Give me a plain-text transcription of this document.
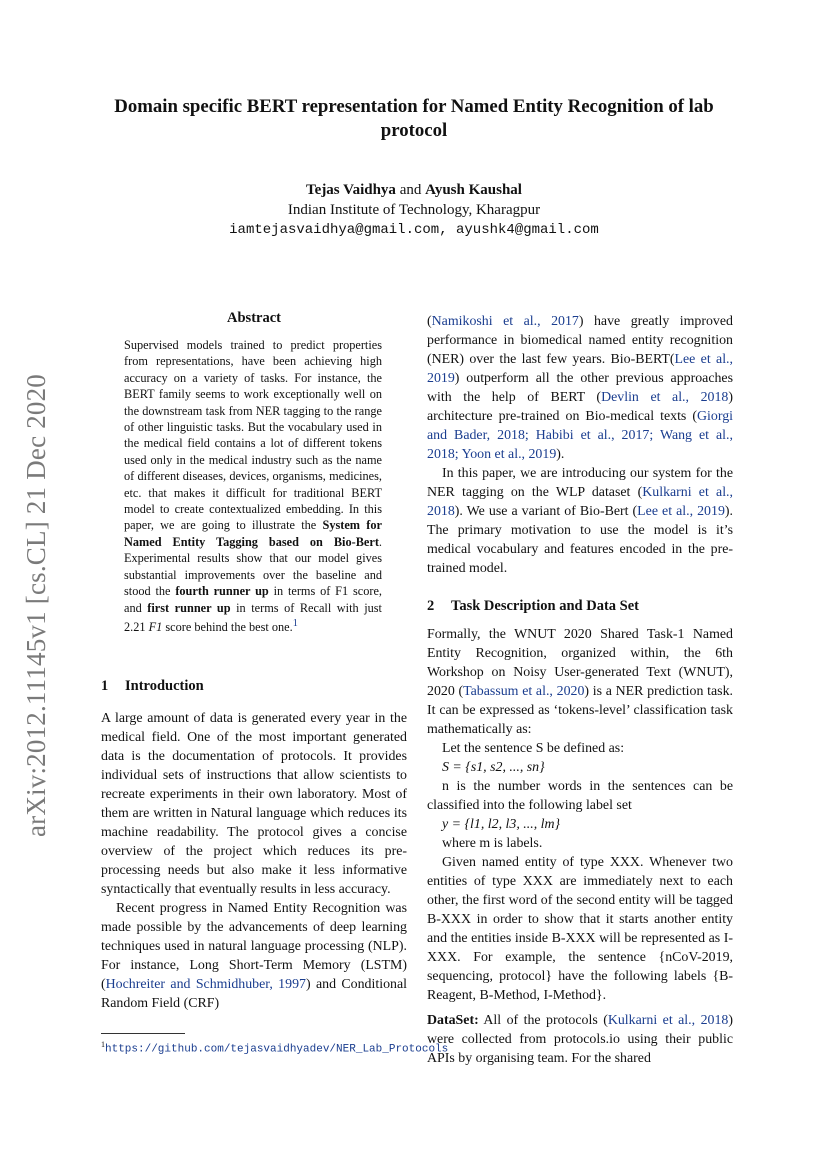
arXiv:2012.11145v1 [cs.CL] 21 Dec 2020
Domain specific BERT representation for Named Entity Recognition of lab protocol
Tejas Vaidhya and Ayush Kaushal
Indian Institute of Technology, Kharagpur
iamtejasvaidhya@gmail.com, ayushk4@gmail.com
Abstract
Supervised models trained to predict properties from representations, have been achieving high accuracy on a variety of tasks. For instance, the BERT family seems to work exceptionally well on the downstream task from NER tagging to the range of other linguistic tasks. But the vocabulary used in the medical field contains a lot of different tokens used only in the medical industry such as the name of different diseases, devices, organisms, medicines, etc. that makes it difficult for traditional BERT model to create contextualized embedding. In this paper, we are going to illustrate the System for Named Entity Tagging based on Bio-Bert. Experimental results show that our model gives substantial improvements over the baseline and stood the fourth runner up in terms of F1 score, and first runner up in terms of Recall with just 2.21 F1 score behind the best one.$^1$
1 Introduction

A large amount of data is generated every year in the medical field. One of the most important generated data is the documentation of protocols. It provides individual sets of instructions that allow scientists to recreate experiments in their own laboratory. Most of them are written in Natural language which reduces its machine readability. The protocol gives a concise overview of the project which reduces its pre-processing needs but also make it less informative syntactically that eventually results in less accuracy.

Recent progress in Named Entity Recognition was made possible by the advancements of deep learning techniques used in natural language processing (NLP). For instance, Long Short-Term Memory (LSTM) (Hochreiter and Schmidhuber, 1997) and Conditional Random Field (CRF)

$^1$https://github.com/tejasvaidhyadev/NER_Lab_Protocols

(Namikoshi et al., 2017) have greatly improved performance in biomedical named entity recognition (NER) over the last few years. Bio-BERT(Lee et al., 2019) outperform all the other previous approaches with the help of BERT (Devlin et al., 2018) architecture pre-trained on Bio-medical texts (Giorgi and Bader, 2018; Habibi et al., 2017; Wang et al., 2018; Yoon et al., 2019).

In this paper, we are introducing our system for the NER tagging on the WLP dataset (Kulkarni et al., 2018). We use a variant of Bio-Bert (Lee et al., 2019). The primary motivation to use the model is it’s medical vocabulary and features encoded in the pre-trained model.

2 Task Description and Data Set

Formally, the WNUT 2020 Shared Task-1 Named Entity Recognition, organized within, the 6th Workshop on Noisy User-generated Text (WNUT), 2020 (Tabassum et al., 2020) is a NER prediction task. It can be expressed as ‘tokens-level’ classification task mathematically as:

Let the sentence S be defined as:

S = {s1, s2, ..., sn}

n is the number words in the sentences can be classified into the following label set

y = {l1, l2, l3, ..., lm}

where m is labels.

Given named entity of type XXX. Whenever two entities of type XXX are immediately next to each other, the first word of the second entity will be tagged B-XXX in order to show that it starts another entity and the entities inside B-XXX will be represented as I-XXX. For example, the sentence {nCoV-2019, sequencing, protocol} have the following labels {B-Reagent, B-Method, I-Method}.

DataSet: All of the protocols (Kulkarni et al., 2018) were collected from protocols.io using their public APIs by organising team. For the shared
